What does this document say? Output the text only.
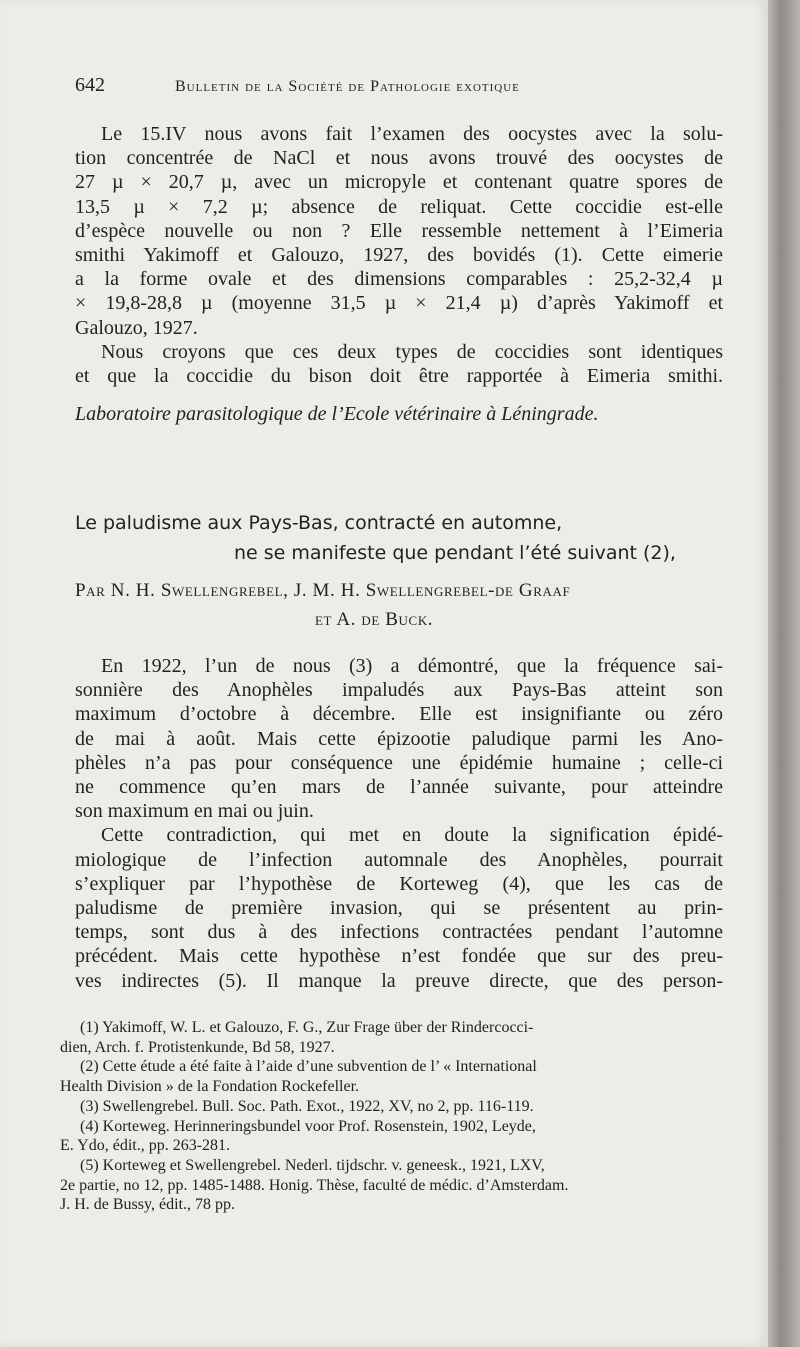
642	Bulletin de la Société de Pathologie exotique
Le 15.IV nous avons fait l’examen des oocystes avec la solu-
tion concentrée de NaCl et nous avons trouvé des oocystes de
27 µ × 20,7 µ, avec un micropyle et contenant quatre spores de
13,5 µ × 7,2 µ; absence de reliquat. Cette coccidie est-elle
d’espèce nouvelle ou non ? Elle ressemble nettement à l’Eimeria
smithi Yakimoff et Galouzo, 1927, des bovidés (1). Cette eimerie
a la forme ovale et des dimensions comparables : 25,2-32,4 µ
× 19,8-28,8 µ (moyenne 31,5 µ × 21,4 µ) d’après Yakimoff et
Galouzo, 1927.
Nous croyons que ces deux types de coccidies sont identiques
et que la coccidie du bison doit être rapportée à Eimeria smithi.
Laboratoire parasitologique de l’Ecole vétérinaire à Léningrade.
Le paludisme aux Pays-Bas, contracté en automne,
ne se manifeste que pendant l’été suivant (2),
Par N. H. Swellengrebel, J. M. H. Swellengrebel-de Graaf
et A. de Buck.
En 1922, l’un de nous (3) a démontré, que la fréquence sai-
sonnière des Anophèles impaludés aux Pays-Bas atteint son
maximum d’octobre à décembre. Elle est insignifiante ou zéro
de mai à août. Mais cette épizootie paludique parmi les Ano-
phèles n’a pas pour conséquence une épidémie humaine ; celle-ci
ne commence qu’en mars de l’année suivante, pour atteindre
son maximum en mai ou juin.
Cette contradiction, qui met en doute la signification épidé-
miologique de l’infection automnale des Anophèles, pourrait
s’expliquer par l’hypothèse de Korteweg (4), que les cas de
paludisme de première invasion, qui se présentent au prin-
temps, sont dus à des infections contractées pendant l’automne
précédent. Mais cette hypothèse n’est fondée que sur des preu-
ves indirectes (5). Il manque la preuve directe, que des person-
(1) Yakimoff, W. L. et Galouzo, F. G., Zur Frage über der Rindercocci-
dien, Arch. f. Protistenkunde, Bd 58, 1927.
(2) Cette étude a été faite à l’aide d’une subvention de l’ « International
Health Division » de la Fondation Rockefeller.
(3) Swellengrebel. Bull. Soc. Path. Exot., 1922, XV, no 2, pp. 116-119.
(4) Korteweg. Herinneringsbundel voor Prof. Rosenstein, 1902, Leyde,
E. Ydo, édit., pp. 263-281.
(5) Korteweg et Swellengrebel. Nederl. tijdschr. v. geneesk., 1921, LXV,
2e partie, no 12, pp. 1485-1488. Honig. Thèse, faculté de médic. d’Amsterdam.
J. H. de Bussy, édit., 78 pp.
